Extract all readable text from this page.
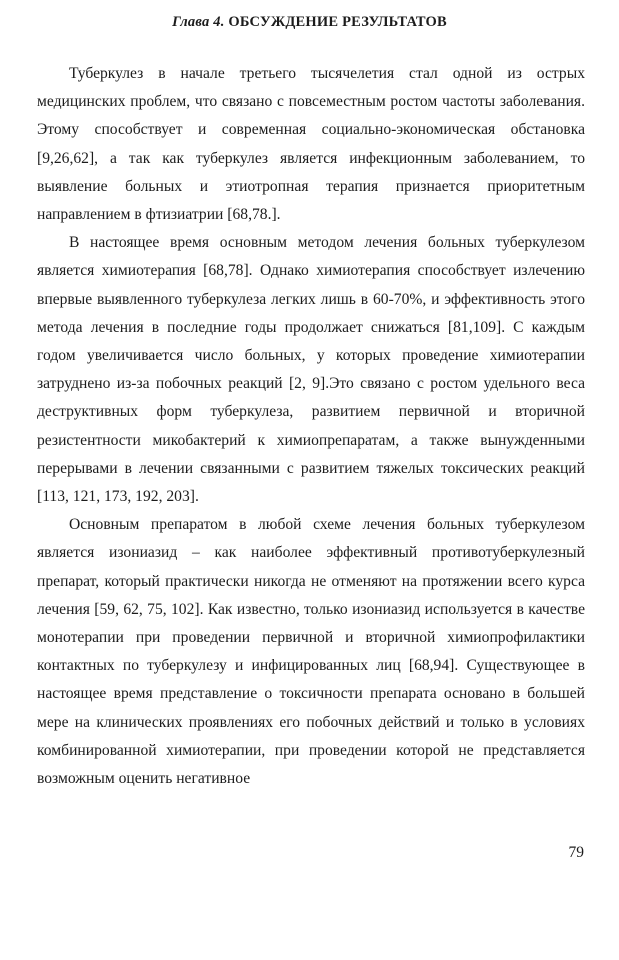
Глава 4. ОБСУЖДЕНИЕ РЕЗУЛЬТАТОВ

Туберкулез в начале третьего тысячелетия стал одной из острых медицинских проблем, что связано с повсеместным ростом частоты заболевания. Этому способствует и современная социально-экономическая обстановка [9,26,62], а так как туберкулез является инфекционным заболеванием, то выявление больных и этиотропная терапия признается приоритетным направлением в фтизиатрии [68,78.].

В настоящее время основным методом лечения больных туберкулезом является химиотерапия [68,78]. Однако химиотерапия способствует излечению впервые выявленного туберкулеза легких лишь в 60-70%, и эффективность этого метода лечения в последние годы продолжает снижаться [81,109]. С каждым годом увеличивается число больных, у которых проведение химиотерапии затруднено из-за побочных реакций [2, 9].Это связано с ростом удельного веса деструктивных форм туберкулеза, развитием первичной и вторичной резистентности микобактерий к химиопрепаратам, а также вынужденными перерывами в лечении связанными с развитием тяжелых токсических реакций [113, 121, 173, 192, 203].

Основным препаратом в любой схеме лечения больных туберкулезом является изониазид – как наиболее эффективный противотуберкулезный препарат, который практически никогда не отменяют на протяжении всего курса лечения [59, 62, 75, 102]. Как известно, только изониазид используется в качестве монотерапии при проведении первичной и вторичной химиопрофилактики контактных по туберкулезу и инфицированных лиц [68,94]. Существующее в настоящее время представление о токсичности препарата основано в большей мере на клинических проявлениях его побочных действий и только в условиях комбинированной химиотерапии, при проведении которой не представляется возможным оценить негативное

79
